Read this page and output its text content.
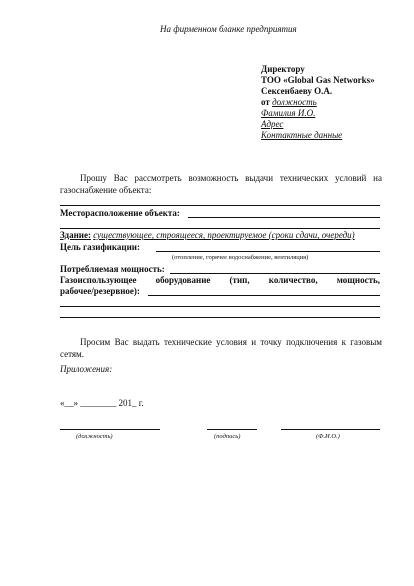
На фирменном бланке предприятия
Директору
ТОО «Global Gas Networks»
Сексенбаеву О.А.
от должность
Фамилия И.О.
Адрес
Контактные данные
Прошу Вас рассмотреть возможность выдачи технических условий на газоснабжение объекта:
Месторасположение объекта:
Здание: существующее, строящееся, проектируемое (сроки сдачи, очереди)
Цель газификации:
(отопление, горячее водоснабжение, вентиляция)
Потребляемая мощность:
Газоиспользующее оборудование (тип, количество, мощность,
рабочее/резервное):
Просим Вас выдать технические условия и точку подключения к газовым сетям.
Приложения:
«__» ________ 201_ г.
(должность)	(подпись)	(Ф.И.О.)
